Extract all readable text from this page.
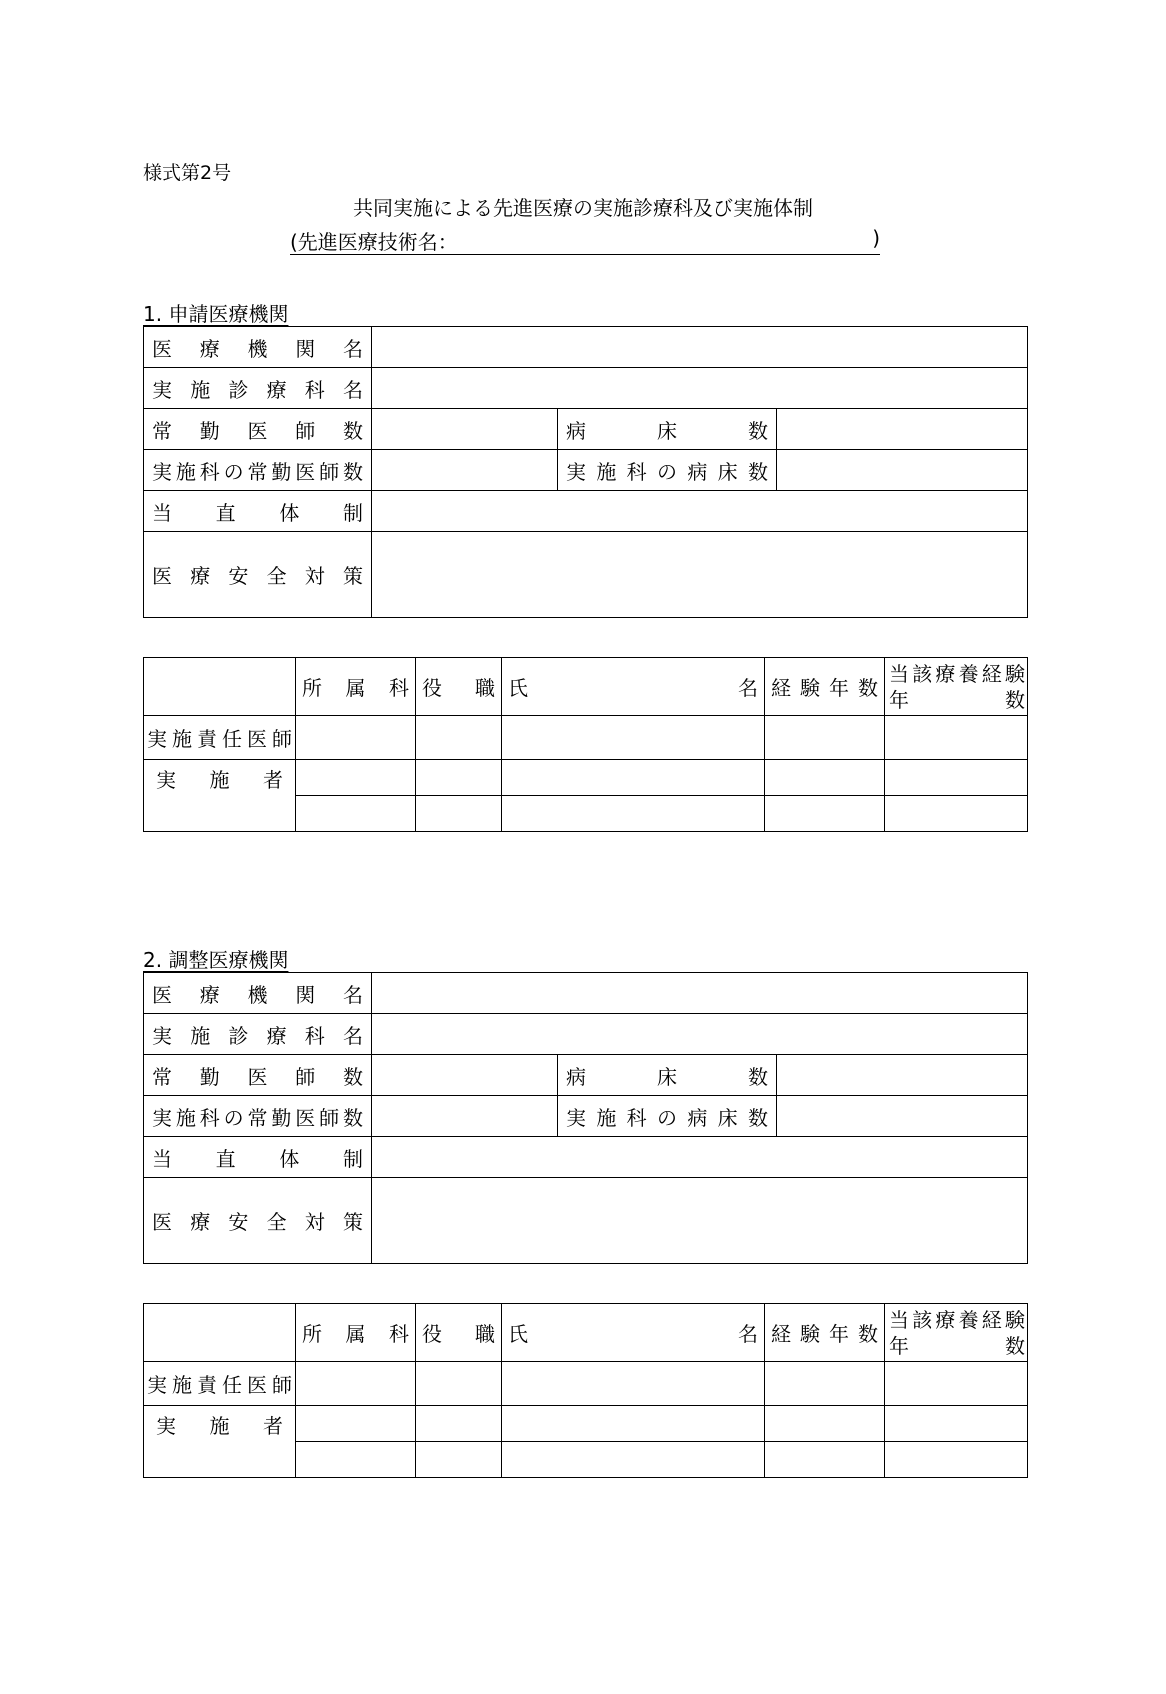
様式第2号
共同実施による先進医療の実施診療科及び実施体制
(先進医療技術名：	)
1. 申請医療機関
医 療 機 関 名			
実 施 診 療 科 名			
常 勤 医 師 数		病 床 数	
実施科の常勤医師数		実 施 科 の 病 床 数	
当 直 体 制			
医 療 安 全 対 策			
	所 属 科	役 職	氏 名	経 験 年 数	当該療養経験
年 数

実施責任医師					
実 施 者					

2. 調整医療機関
医 療 機 関 名			
実 施 診 療 科 名			
常 勤 医 師 数		病 床 数	
実施科の常勤医師数		実 施 科 の 病 床 数	
当 直 体 制			
医 療 安 全 対 策			
	所 属 科	役 職	氏 名	経 験 年 数	当該療養経験
年 数

実施責任医師					
実 施 者					
